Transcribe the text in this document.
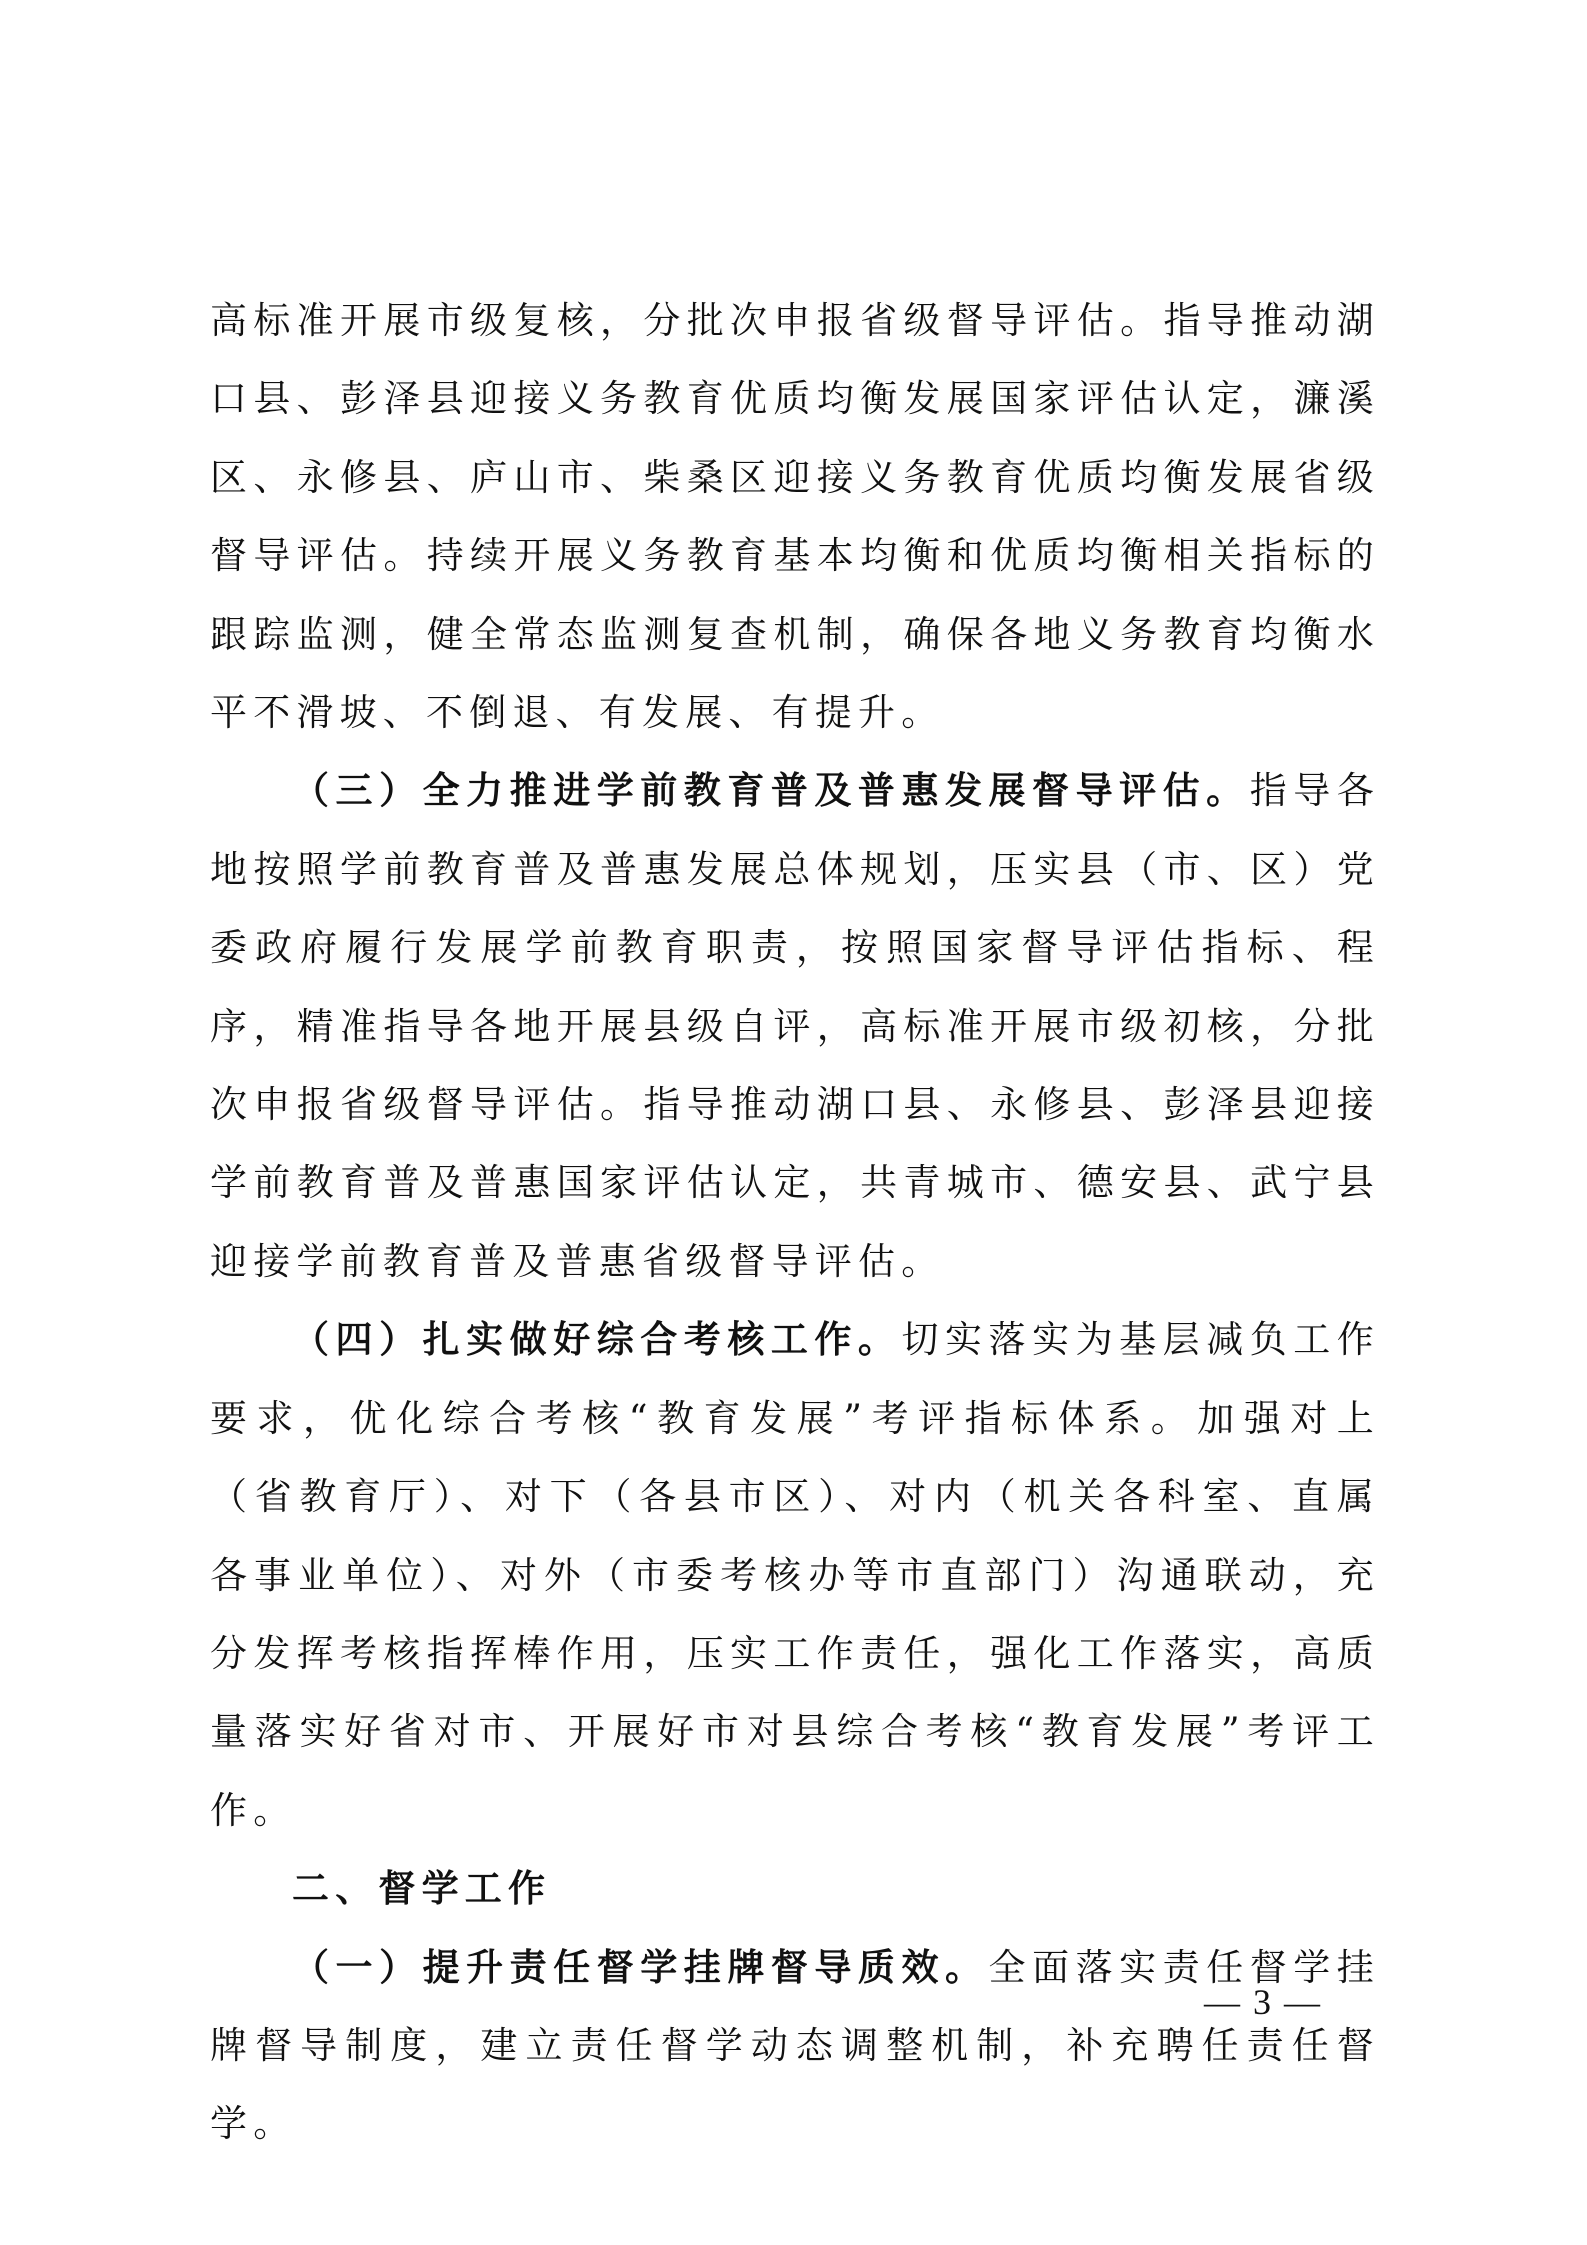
高标准开展市级复核，分批次申报省级督导评估。指导推动湖口县、彭泽县迎接义务教育优质均衡发展国家评估认定，濂溪区、永修县、庐山市、柴桑区迎接义务教育优质均衡发展省级督导评估。持续开展义务教育基本均衡和优质均衡相关指标的跟踪监测，健全常态监测复查机制，确保各地义务教育均衡水平不滑坡、不倒退、有发展、有提升。

（三）全力推进学前教育普及普惠发展督导评估。指导各地按照学前教育普及普惠发展总体规划，压实县（市、区）党委政府履行发展学前教育职责，按照国家督导评估指标、程序，精准指导各地开展县级自评，高标准开展市级初核，分批次申报省级督导评估。指导推动湖口县、永修县、彭泽县迎接学前教育普及普惠国家评估认定，共青城市、德安县、武宁县迎接学前教育普及普惠省级督导评估。

（四）扎实做好综合考核工作。切实落实为基层减负工作要求，优化综合考核“教育发展”考评指标体系。加强对上（省教育厅）、对下（各县市区）、对内（机关各科室、直属各事业单位）、对外（市委考核办等市直部门）沟通联动，充分发挥考核指挥棒作用，压实工作责任，强化工作落实，高质量落实好省对市、开展好市对县综合考核“教育发展”考评工作。

二、督学工作

（一）提升责任督学挂牌督导质效。全面落实责任督学挂牌督导制度，建立责任督学动态调整机制，补充聘任责任督学。

— 3 —
